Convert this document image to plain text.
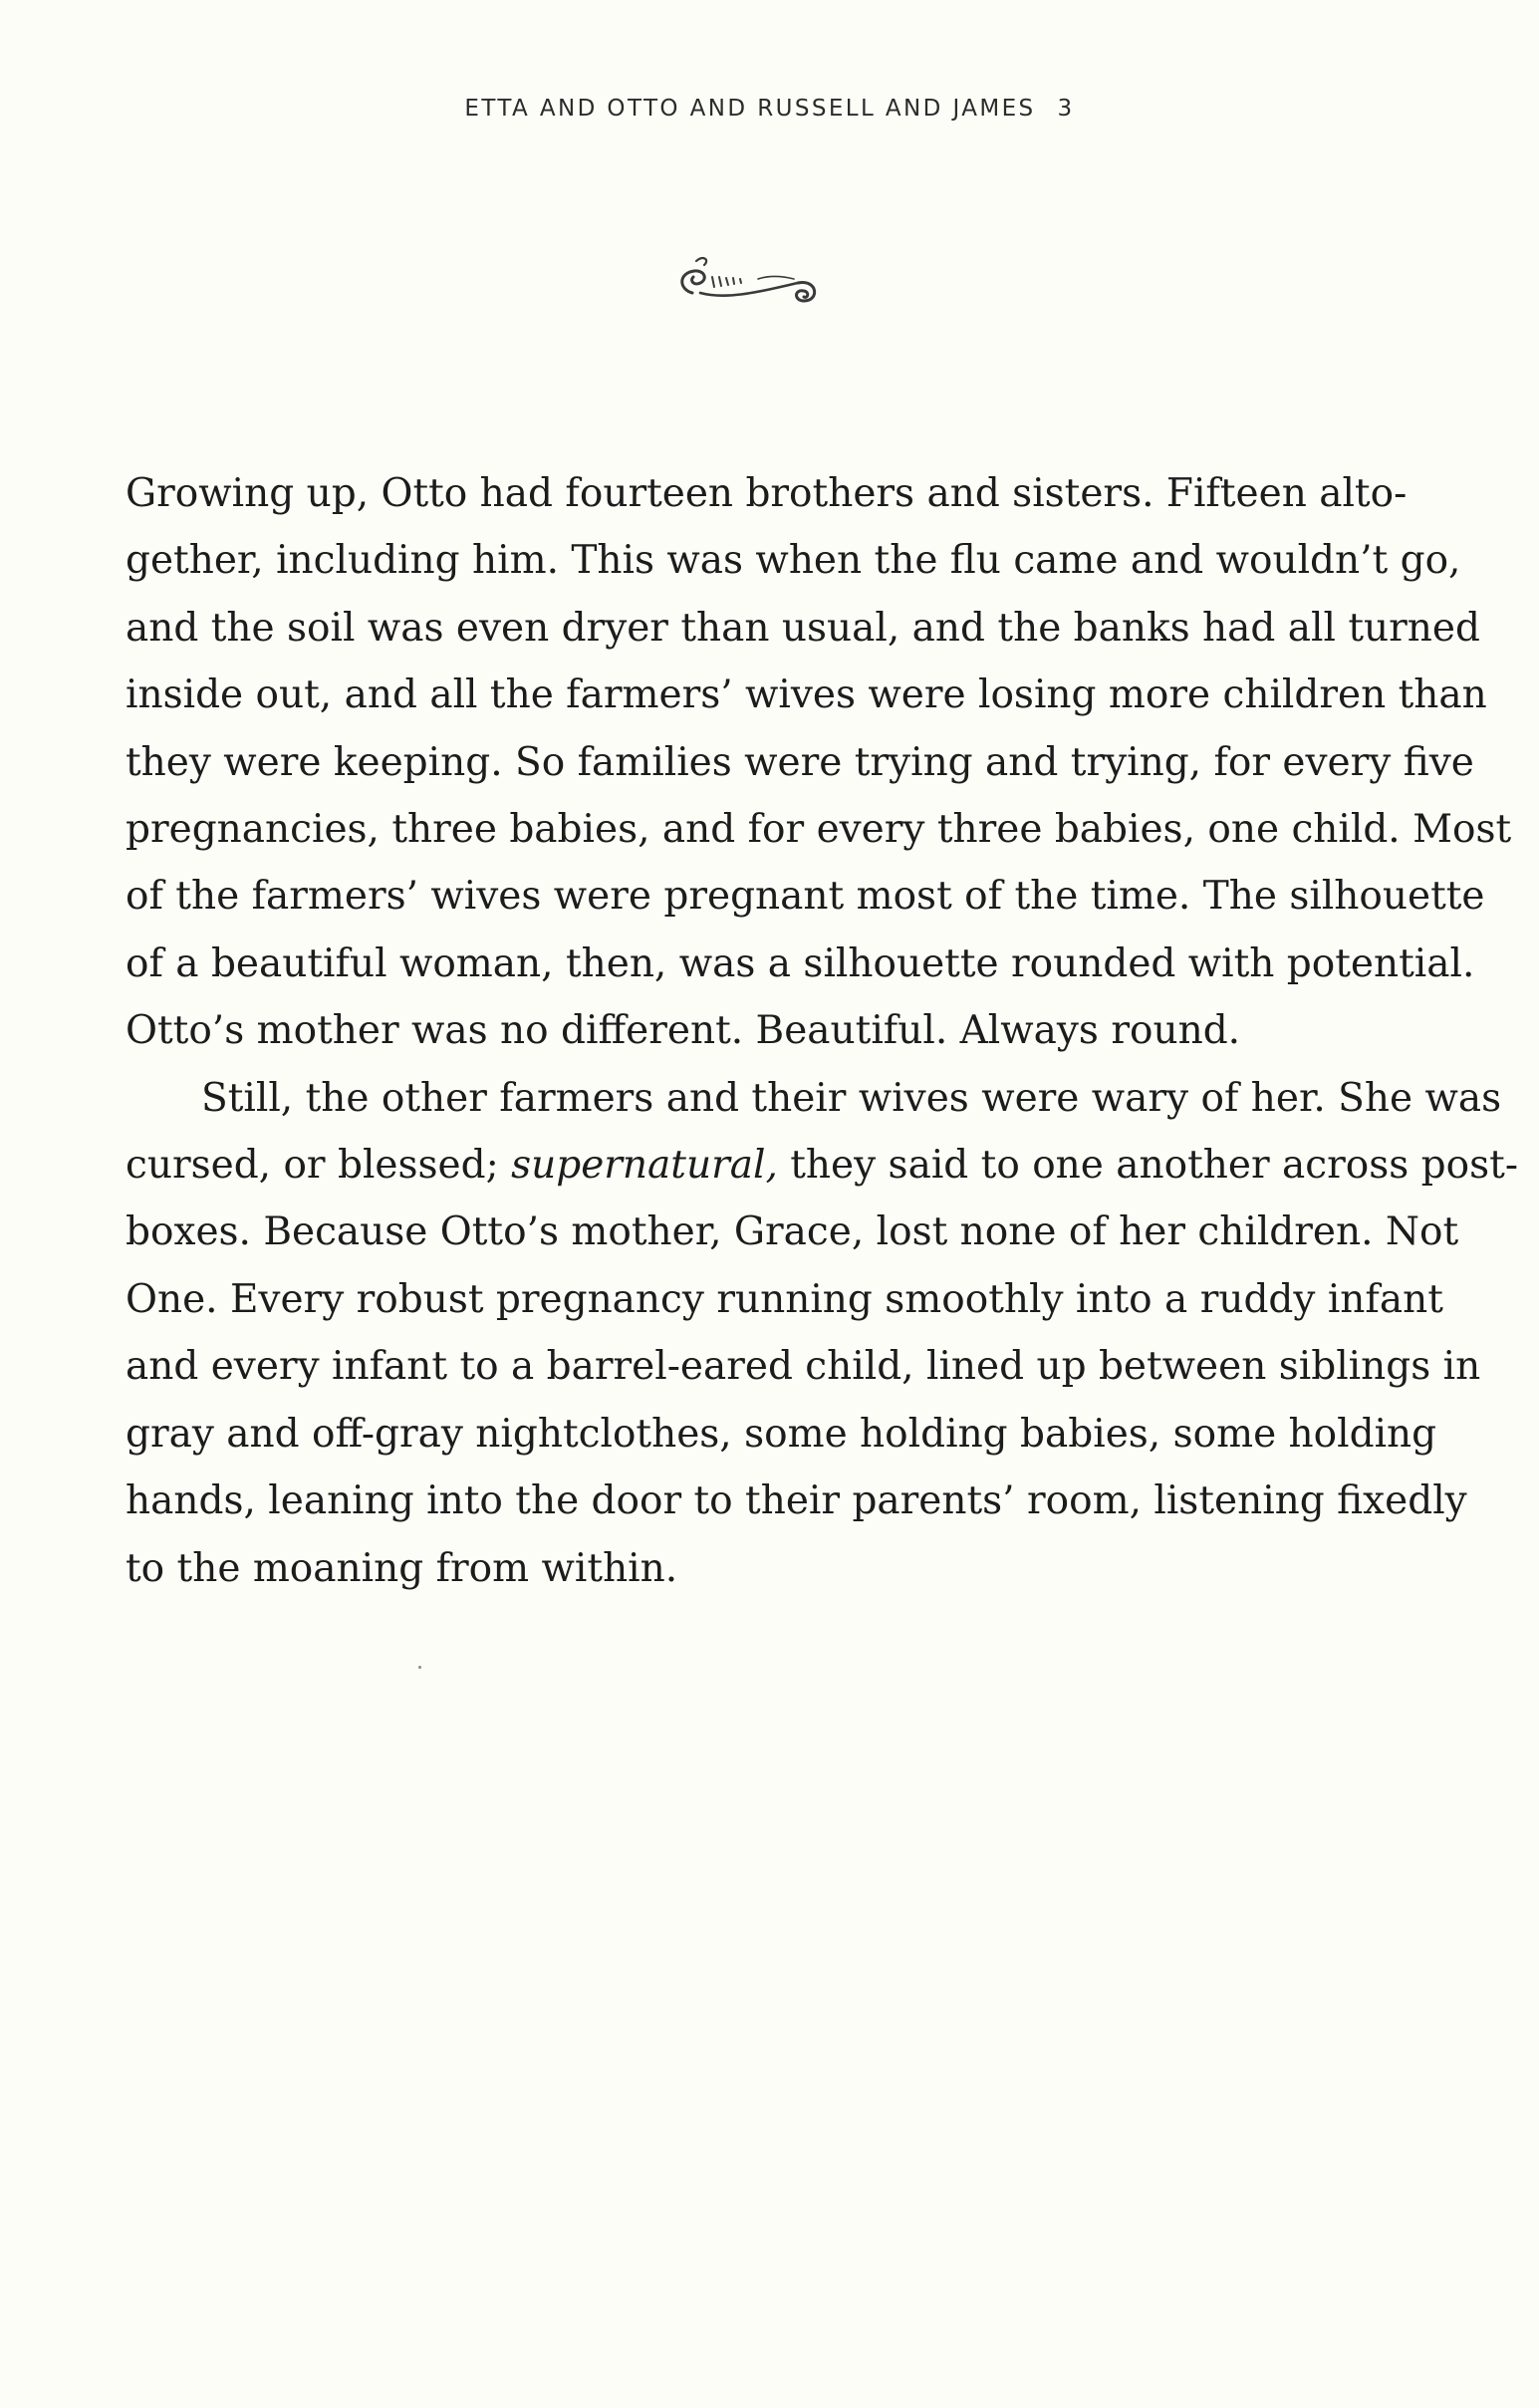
ETTA AND OTTO AND RUSSELL AND JAMES 3
Growing up, Otto had fourteen brothers and sisters. Fifteen alto-
gether, including him. This was when the flu came and wouldn’t go,
and the soil was even dryer than usual, and the banks had all turned
inside out, and all the farmers’ wives were losing more children than
they were keeping. So families were trying and trying, for every five
pregnancies, three babies, and for every three babies, one child. Most
of the farmers’ wives were pregnant most of the time. The silhouette
of a beautiful woman, then, was a silhouette rounded with potential.
Otto’s mother was no different. Beautiful. Always round.
Still, the other farmers and their wives were wary of her. She was
cursed, or blessed; supernatural, they said to one another across post-
boxes. Because Otto’s mother, Grace, lost none of her children. Not
One. Every robust pregnancy running smoothly into a ruddy infant
and every infant to a barrel-eared child, lined up between siblings in
gray and off-gray nightclothes, some holding babies, some holding
hands, leaning into the door to their parents’ room, listening fixedly
to the moaning from within.
